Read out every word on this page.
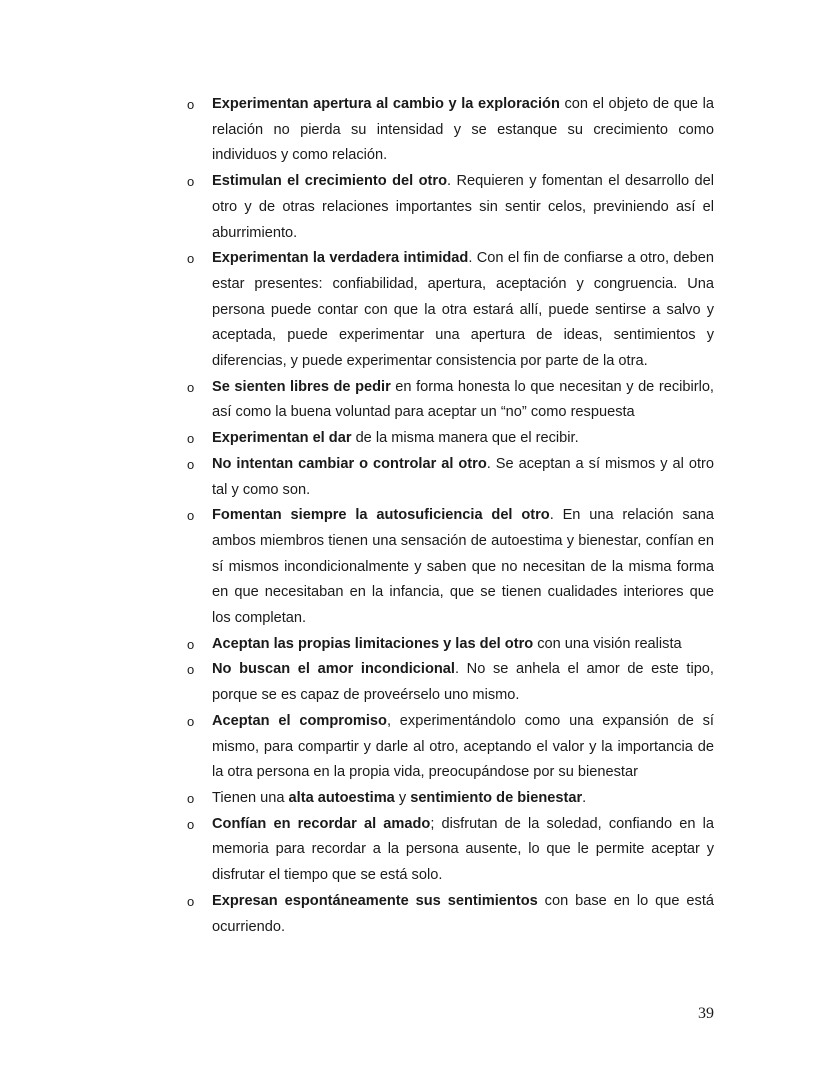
o Experimentan apertura al cambio y la exploración con el objeto de que la relación no pierda su intensidad y se estanque su crecimiento como individuos y como relación.
o Estimulan el crecimiento del otro. Requieren y fomentan el desarrollo del otro y de otras relaciones importantes sin sentir celos, previniendo así el aburrimiento.
o Experimentan la verdadera intimidad. Con el fin de confiarse a otro, deben estar presentes: confiabilidad, apertura, aceptación y congruencia. Una persona puede contar con que la otra estará allí, puede sentirse a salvo y aceptada, puede experimentar una apertura de ideas, sentimientos y diferencias, y puede experimentar consistencia por parte de la otra.
o Se sienten libres de pedir en forma honesta lo que necesitan y de recibirlo, así como la buena voluntad para aceptar un “no” como respuesta
o Experimentan el dar de la misma manera que el recibir.
o No intentan cambiar o controlar al otro. Se aceptan a sí mismos y al otro tal y como son.
o Fomentan siempre la autosuficiencia del otro. En una relación sana ambos miembros tienen una sensación de autoestima y bienestar, confían en sí mismos incondicionalmente y saben que no necesitan de la misma forma en que necesitaban en la infancia, que se tienen cualidades interiores que los completan.
o Aceptan las propias limitaciones y las del otro con una visión realista
o No buscan el amor incondicional. No se anhela el amor de este tipo, porque se es capaz de proveérselo uno mismo.
o Aceptan el compromiso, experimentándolo como una expansión de sí mismo, para compartir y darle al otro, aceptando el valor y la importancia de la otra persona en la propia vida, preocupándose por su bienestar
o Tienen una alta autoestima y sentimiento de bienestar.
o Confían en recordar al amado; disfrutan de la soledad, confiando en la memoria para recordar a la persona ausente, lo que le permite aceptar y disfrutar el tiempo que se está solo.
o Expresan espontáneamente sus sentimientos con base en lo que está ocurriendo.
39
